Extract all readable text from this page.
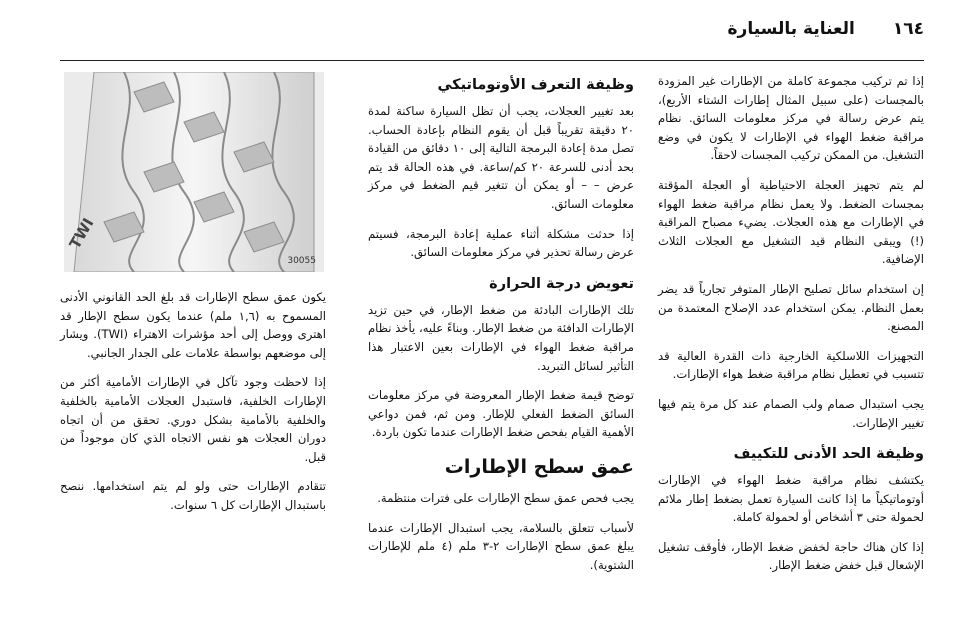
١٦٤
العناية بالسيارة

إذا تم تركيب مجموعة كاملة من الإطارات غير المزودة بالمجسات (على سبيل المثال إطارات الشتاء الأربع)، يتم عرض رسالة في مركز معلومات السائق. نظام مراقبة ضغط الهواء في الإطارات لا يكون في وضع التشغيل. من الممكن تركيب المجسات لاحقاً.

لم يتم تجهيز العجلة الاحتياطية أو العجلة المؤقتة بمجسات الضغط. ولا يعمل نظام مراقبة ضغط الهواء في الإطارات مع هذه العجلات. يضيء مصباح المراقبة (!) ويبقى النظام قيد التشغيل مع العجلات الثلاث الإضافية.

إن استخدام سائل تصليح الإطار المتوفر تجارياً قد يضر بعمل النظام. يمكن استخدام عدد الإصلاح المعتمدة من المصنع.

التجهيزات اللاسلكية الخارجية ذات القدرة العالية قد تتسبب في تعطيل نظام مراقبة ضغط هواء الإطارات.

يجب استبدال صمام ولب الصمام عند كل مرة يتم فيها تغيير الإطارات.

وظيفة الحد الأدنى للتكييف

يكتشف نظام مراقبة ضغط الهواء في الإطارات أوتوماتيكياً ما إذا كانت السيارة تعمل بضغط إطار ملائم لحمولة حتى ٣ أشخاص أو لحمولة كاملة.

إذا كان هناك حاجة لخفض ضغط الإطار، فأوقف تشغيل الإشعال قبل خفض ضغط الإطار.

وظيفة التعرف الأوتوماتيكي

بعد تغيير العجلات، يجب أن تظل السيارة ساكنة لمدة ٢٠ دقيقة تقريباً قبل أن يقوم النظام بإعادة الحساب. تصل مدة إعادة البرمجة التالية إلى ١٠ دقائق من القيادة بحد أدنى للسرعة ٢٠ كم/ساعة. في هذه الحالة قد يتم عرض – – أو يمكن أن تتغير قيم الضغط في مركز معلومات السائق.

إذا حدثت مشكلة أثناء عملية إعادة البرمجة، فسيتم عرض رسالة تحذير في مركز معلومات السائق.

تعويض درجة الحرارة

تلك الإطارات البادئة من ضغط الإطار، في حين تزيد الإطارات الدافئة من ضغط الإطار. وبناءً عليه، يأخذ نظام مراقبة ضغط الهواء في الإطارات بعين الاعتبار هذا التأثير لسائل التبريد.

توضح قيمة ضغط الإطار المعروضة في مركز معلومات السائق الضغط الفعلي للإطار. ومن ثم، فمن دواعي الأهمية القيام بفحص ضغط الإطارات عندما تكون باردة.

عمق سطح الإطارات

يجب فحص عمق سطح الإطارات على فترات منتظمة.

لأسباب تتعلق بالسلامة، يجب استبدال الإطارات عندما يبلغ عمق سطح الإطارات ٢-٣ ملم (٤ ملم للإطارات الشتوية).

TWI
30055

يكون عمق سطح الإطارات قد بلغ الحد القانوني الأدنى المسموح به (١,٦ ملم) عندما يكون سطح الإطار قد اهترى ووصل إلى أحد مؤشرات الاهتراء (TWI). ويشار إلى موضعهم بواسطة علامات على الجدار الجانبي.

إذا لاحظت وجود تآكل في الإطارات الأمامية أكثر من الإطارات الخلفية، فاستبدل العجلات الأمامية بالخلفية والخلفية بالأمامية بشكل دوري. تحقق من أن اتجاه دوران العجلات هو نفس الاتجاه الذي كان موجوداً من قبل.

تتقادم الإطارات حتى ولو لم يتم استخدامها. ننصح باستبدال الإطارات كل ٦ سنوات.
